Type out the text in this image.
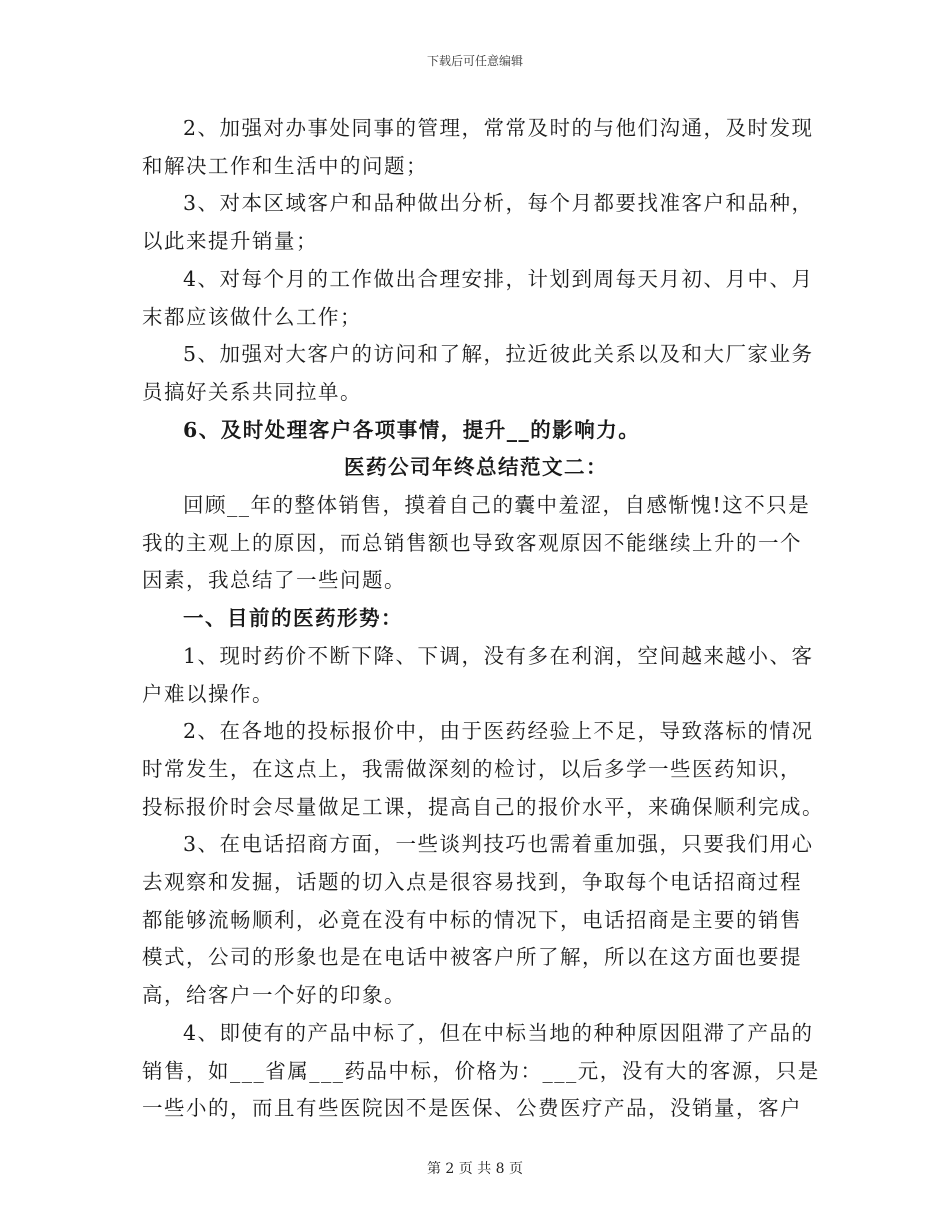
下载后可任意编辑
2、加强对办事处同事的管理，常常及时的与他们沟通，及时发现
和解决工作和生活中的问题；
3、对本区域客户和品种做出分析，每个月都要找准客户和品种，
以此来提升销量；
4、对每个月的工作做出合理安排，计划到周每天月初、月中、月
末都应该做什么工作；
5、加强对大客户的访问和了解，拉近彼此关系以及和大厂家业务
员搞好关系共同拉单。
6、及时处理客户各项事情，提升__的影响力。
医药公司年终总结范文二：
回顾__年的整体销售，摸着自己的囊中羞涩，自感惭愧!这不只是
我的主观上的原因，而总销售额也导致客观原因不能继续上升的一个
因素，我总结了一些问题。
一、目前的医药形势：
1、现时药价不断下降、下调，没有多在利润，空间越来越小、客
户难以操作。
2、在各地的投标报价中，由于医药经验上不足，导致落标的情况
时常发生，在这点上，我需做深刻的检讨，以后多学一些医药知识，
投标报价时会尽量做足工课，提高自己的报价水平，来确保顺利完成。
3、在电话招商方面，一些谈判技巧也需着重加强，只要我们用心
去观察和发掘，话题的切入点是很容易找到，争取每个电话招商过程
都能够流畅顺利，必竟在没有中标的情况下，电话招商是主要的销售
模式，公司的形象也是在电话中被客户所了解，所以在这方面也要提
高，给客户一个好的印象。
4、即使有的产品中标了，但在中标当地的种种原因阻滞了产品的
销售，如___省属___药品中标，价格为：___元，没有大的客源，只是
一些小的，而且有些医院因不是医保、公费医疗产品，没销量，客户
第 2 页 共 8 页
